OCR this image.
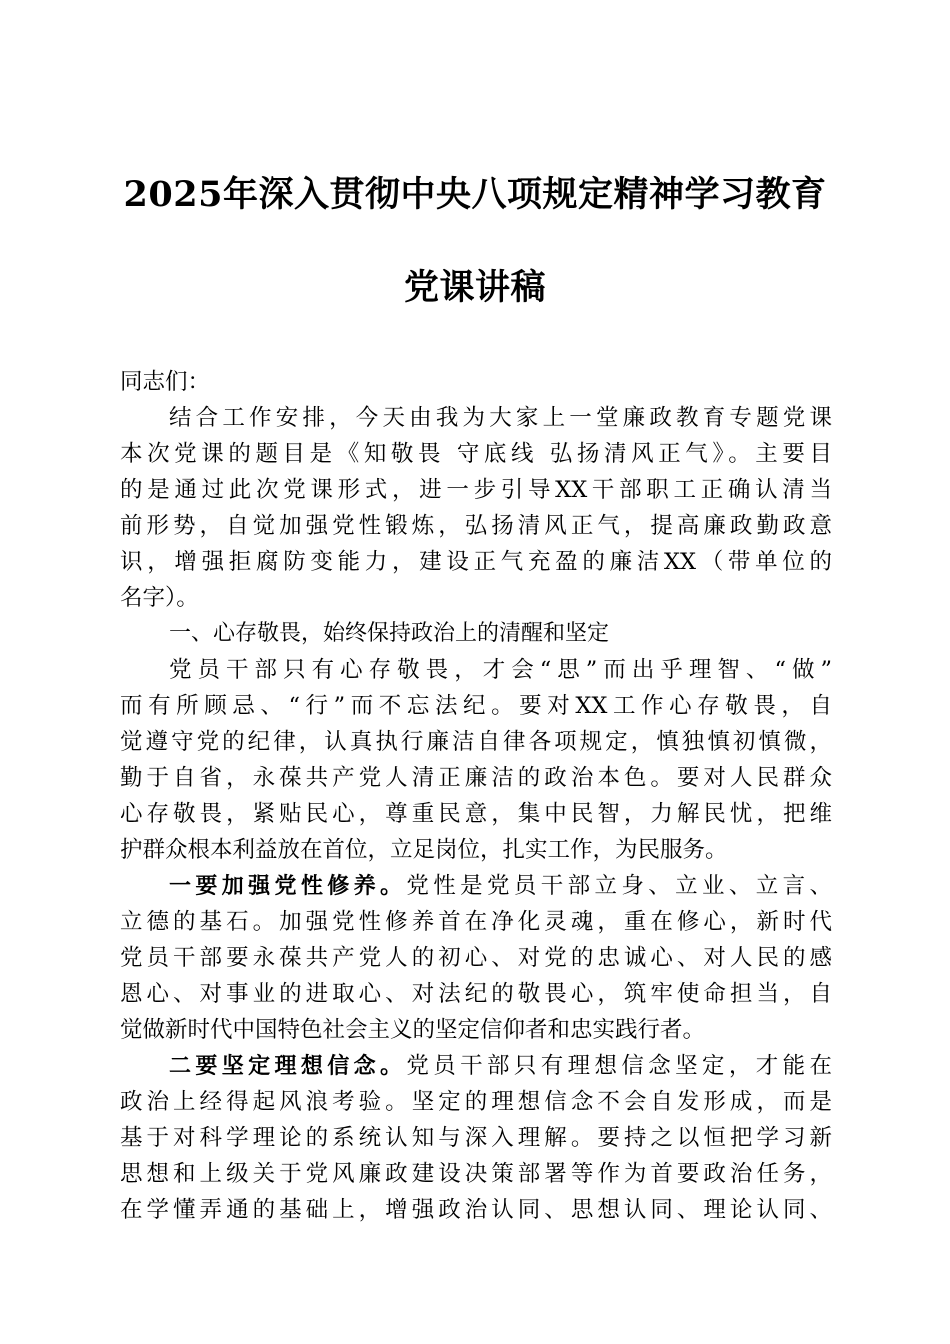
2025年深入贯彻中央八项规定精神学习教育
党课讲稿
同志们：
结合工作安排，今天由我为大家上一堂廉政教育专题党课
本次党课的题目是《知敬畏 守底线 弘扬清风正气》。主要目
的是通过此次党课形式，进一步引导XX干部职工正确认清当
前形势，自觉加强党性锻炼，弘扬清风正气，提高廉政勤政意
识，增强拒腐防变能力，建设正气充盈的廉洁XX（带单位的
名字）。
一、心存敬畏，始终保持政治上的清醒和坚定
党员干部只有心存敬畏，才会“思”而出乎理智、“做”
而有所顾忌、“行”而不忘法纪。要对XX工作心存敬畏，自
觉遵守党的纪律，认真执行廉洁自律各项规定，慎独慎初慎微，
勤于自省，永葆共产党人清正廉洁的政治本色。要对人民群众
心存敬畏，紧贴民心，尊重民意，集中民智，力解民忧，把维
护群众根本利益放在首位，立足岗位，扎实工作，为民服务。
一要加强党性修养。党性是党员干部立身、立业、立言、
立德的基石。加强党性修养首在净化灵魂，重在修心，新时代
党员干部要永葆共产党人的初心、对党的忠诚心、对人民的感
恩心、对事业的进取心、对法纪的敬畏心，筑牢使命担当，自
觉做新时代中国特色社会主义的坚定信仰者和忠实践行者。
二要坚定理想信念。党员干部只有理想信念坚定，才能在
政治上经得起风浪考验。坚定的理想信念不会自发形成，而是
基于对科学理论的系统认知与深入理解。要持之以恒把学习新
思想和上级关于党风廉政建设决策部署等作为首要政治任务，
在学懂弄通的基础上，增强政治认同、思想认同、理论认同、
